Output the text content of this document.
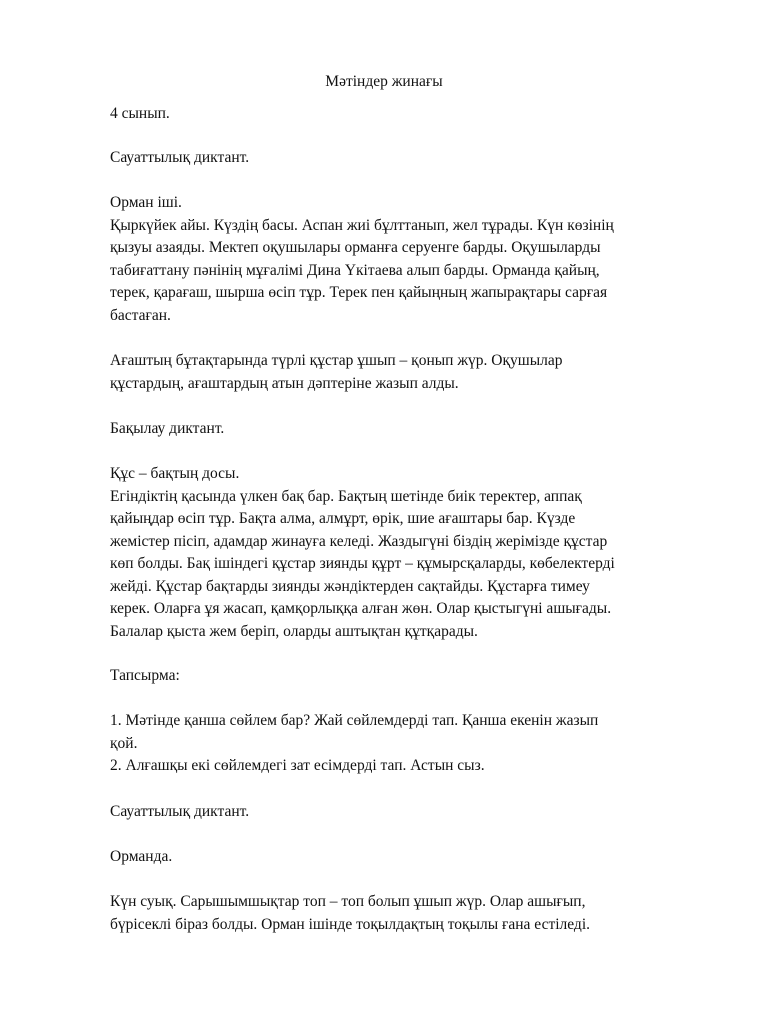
Мәтіндер жинағы
4 сынып.
Сауаттылық диктант.
Орман іші.
Қыркүйек айы. Күздің басы. Аспан жиі бұлттанып, жел тұрады. Күн көзінің
қызуы азаяды. Мектеп оқушылары орманға серуенге барды. Оқушыларды
табиғаттану пәнінің мұғалімі Дина Үкітаева алып барды. Орманда қайың,
терек, қарағаш, шырша өсіп тұр. Терек пен қайыңның жапырақтары сарғая
бастаған.
Ағаштың бұтақтарында түрлі құстар ұшып – қонып жүр. Оқушылар
құстардың, ағаштардың атын дәптеріне жазып алды.
Бақылау диктант.
Құс – бақтың досы.
Егіндіктің қасында үлкен бақ бар. Бақтың шетінде биік теректер, аппақ
қайыңдар өсіп тұр. Бақта алма, алмұрт, өрік, шие ағаштары бар. Күзде
жемістер пісіп, адамдар жинауға келеді. Жаздыгүні біздің жерімізде құстар
көп болды. Бақ ішіндегі құстар зиянды құрт – құмырсқаларды, көбелектерді
жейді. Құстар бақтарды зиянды жәндіктерден сақтайды. Құстарға тимеу
керек. Оларға ұя жасап, қамқорлыққа алған жөн. Олар қыстыгүні ашығады.
Балалар қыста жем беріп, оларды аштықтан құтқарады.
Тапсырма:
1. Мәтінде қанша сөйлем бар? Жай сөйлемдерді тап. Қанша екенін жазып
қой.
2. Алғашқы екі сөйлемдегі зат есімдерді тап. Астын сыз.
Сауаттылық диктант.
Орманда.
Күн суық. Сарышымшықтар топ – топ болып ұшып жүр. Олар ашығып,
бүрісеклі біраз болды. Орман ішінде тоқылдақтың тоқылы ғана естіледі.
